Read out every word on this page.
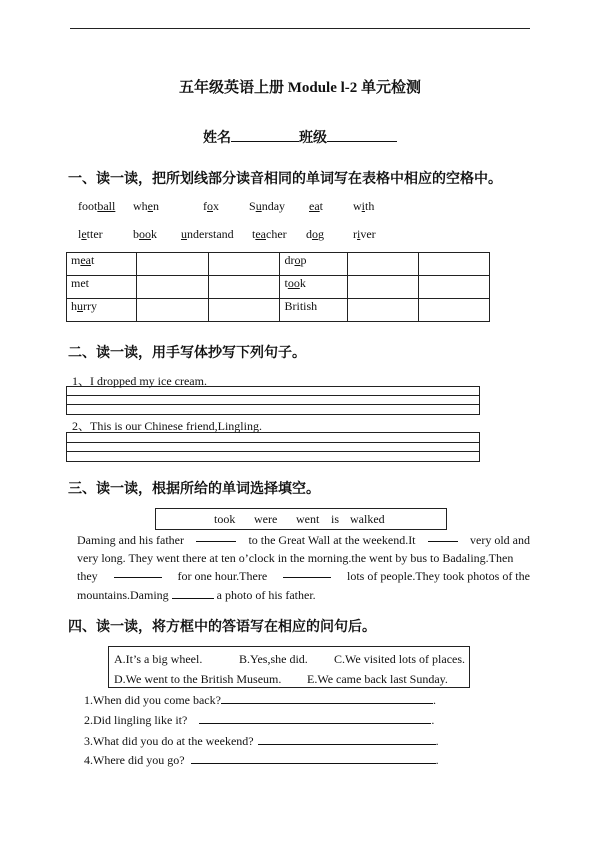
五年级英语上册 Module l-2 单元检测
姓名	班级
一、读一读，把所划线部分读音相同的单词写在表格中相应的空格中。
football when	fox	Sunday eat	with
letter	book understand teacher dog river
meat			drop		
met			took		
hurry			British		
二、读一读，用手写体抄写下列句子。
1、I dropped my ice cream.
2、This is our Chinese friend,Lingling.
三、读一读，根据所给的单词选择填空。
took were went is walked
Daming and his father	to the Great Wall at the weekend.It	very old and
very long. They went there at ten o’clock in the morning.the went by bus to Badaling.Then
they	for one hour.There	lots of people.They took photos of the
mountains.Daming	a photo of his father.
四、读一读，将方框中的答语写在相应的问句后。
A.It’s a big wheel.	B.Yes,she did. C.We visited lots of places.
D.We went to the British Museum. E.We came back last Sunday.
1.When did you come back?	.
2.Did lingling like it?	.
3.What did you do at the weekend?	.
4.Where did you go?	.
